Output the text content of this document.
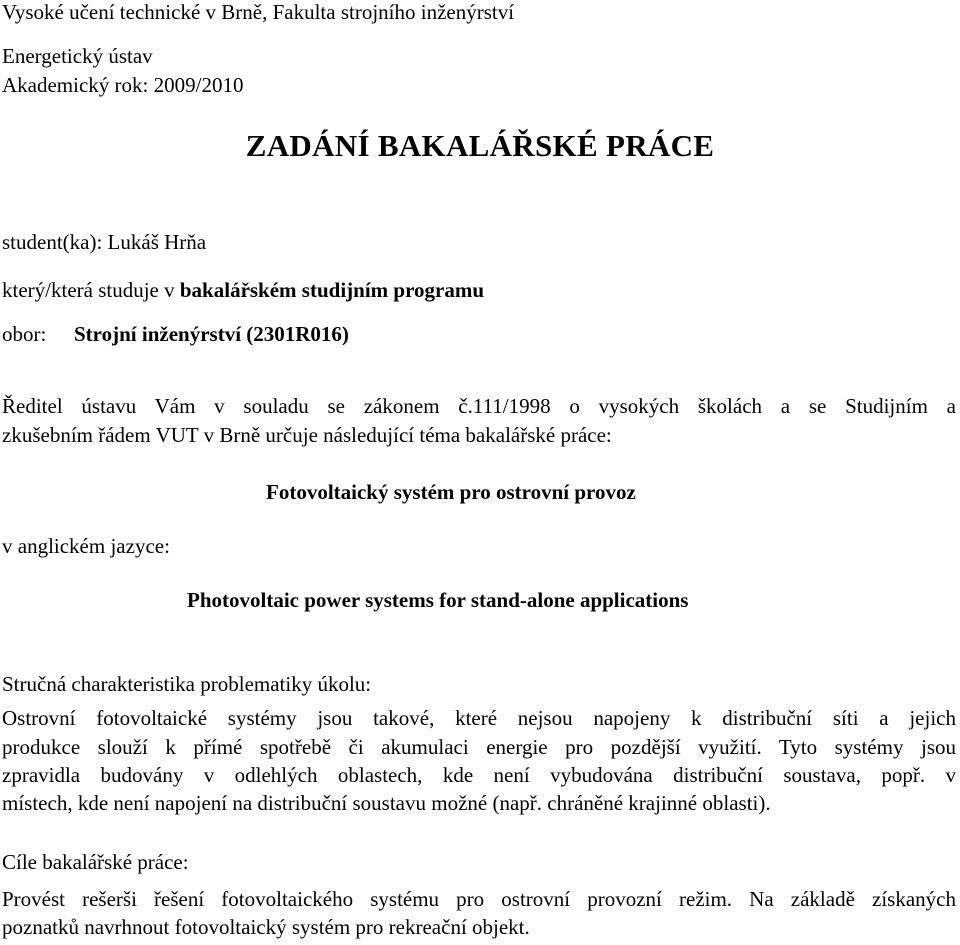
Vysoké učení technické v Brně, Fakulta strojního inženýrství
Energetický ústav
Akademický rok: 2009/2010
ZADÁNÍ BAKALÁŘSKÉ PRÁCE
student(ka): Lukáš Hrňa
který/která studuje v bakalářském studijním programu
obor: Strojní inženýrství (2301R016)
Ředitel ústavu Vám v souladu se zákonem č.111/1998 o vysokých školách a se Studijním a
zkušebním řádem VUT v Brně určuje následující téma bakalářské práce:
Fotovoltaický systém pro ostrovní provoz
v anglickém jazyce:
Photovoltaic power systems for stand-alone applications
Stručná charakteristika problematiky úkolu:
Ostrovní fotovoltaické systémy jsou takové, které nejsou napojeny k distribuční síti a jejich
produkce slouží k přímé spotřebě či akumulaci energie pro pozdější využití. Tyto systémy jsou
zpravidla budovány v odlehlých oblastech, kde není vybudována distribuční soustava, popř. v
místech, kde není napojení na distribuční soustavu možné (např. chráněné krajinné oblasti).
Cíle bakalářské práce:
Provést rešerši řešení fotovoltaického systému pro ostrovní provozní režim. Na základě získaných
poznatků navrhnout fotovoltaický systém pro rekreační objekt.
